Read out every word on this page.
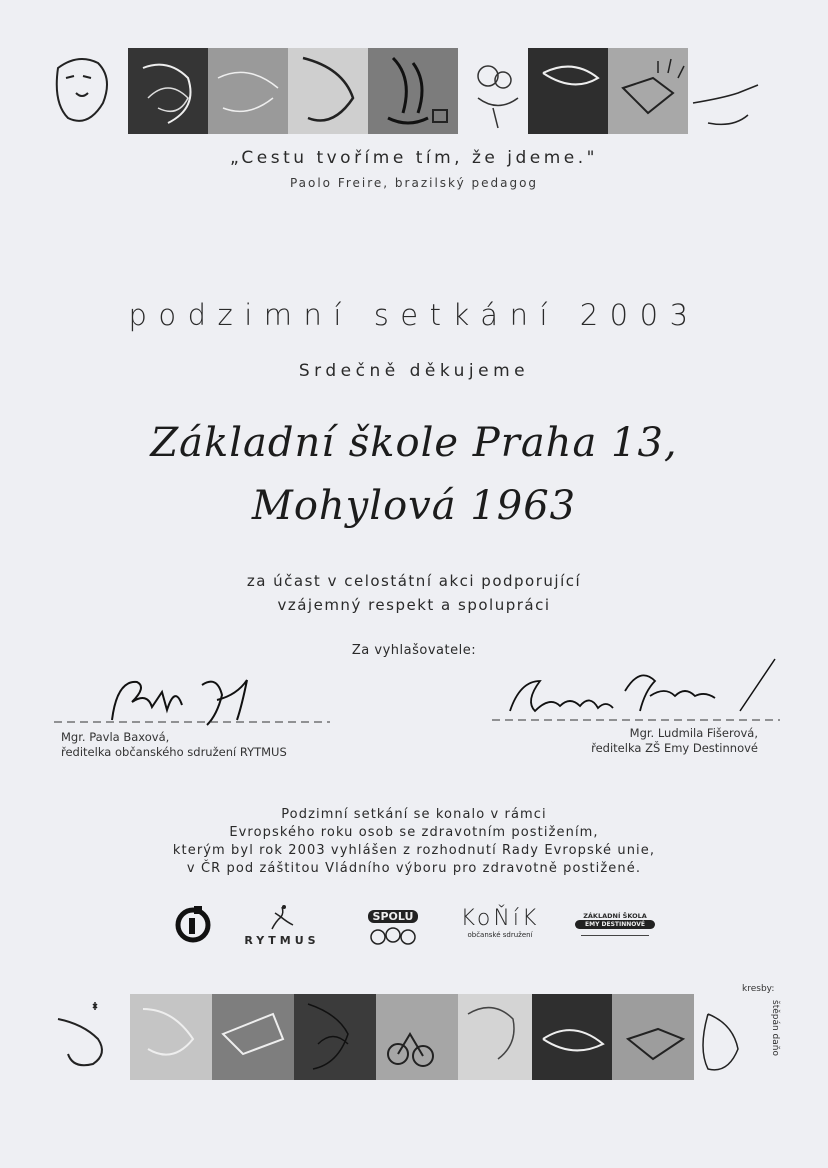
„Cestu tvoříme tím, že jdeme."
Paolo Freire, brazilský pedagog
podzimní setkání 2003
Srdečně děkujeme
Základní škole Praha 13,
Mohylová 1963
za účast v celostátní akci podporující
vzájemný respekt a spolupráci
Za vyhlašovatele:
Mgr. Pavla Baxová,
ředitelka občanského sdružení RYTMUS
Mgr. Ludmila Fišerová,
ředitelka ZŠ Emy Destinnové
Podzimní setkání se konalo v rámci
Evropského roku osob se zdravotním postižením,
kterým byl rok 2003 vyhlášen z rozhodnutí Rady Evropské unie,
v ČR pod záštitou Vládního výboru pro zdravotně postižené.
RYTMUS
SPOLU KoŇíK
občanské sdružení
ZÁKLADNÍ ŠKOLA
EMY DESTINNOVÉ
kresby:
štěpán daňo
